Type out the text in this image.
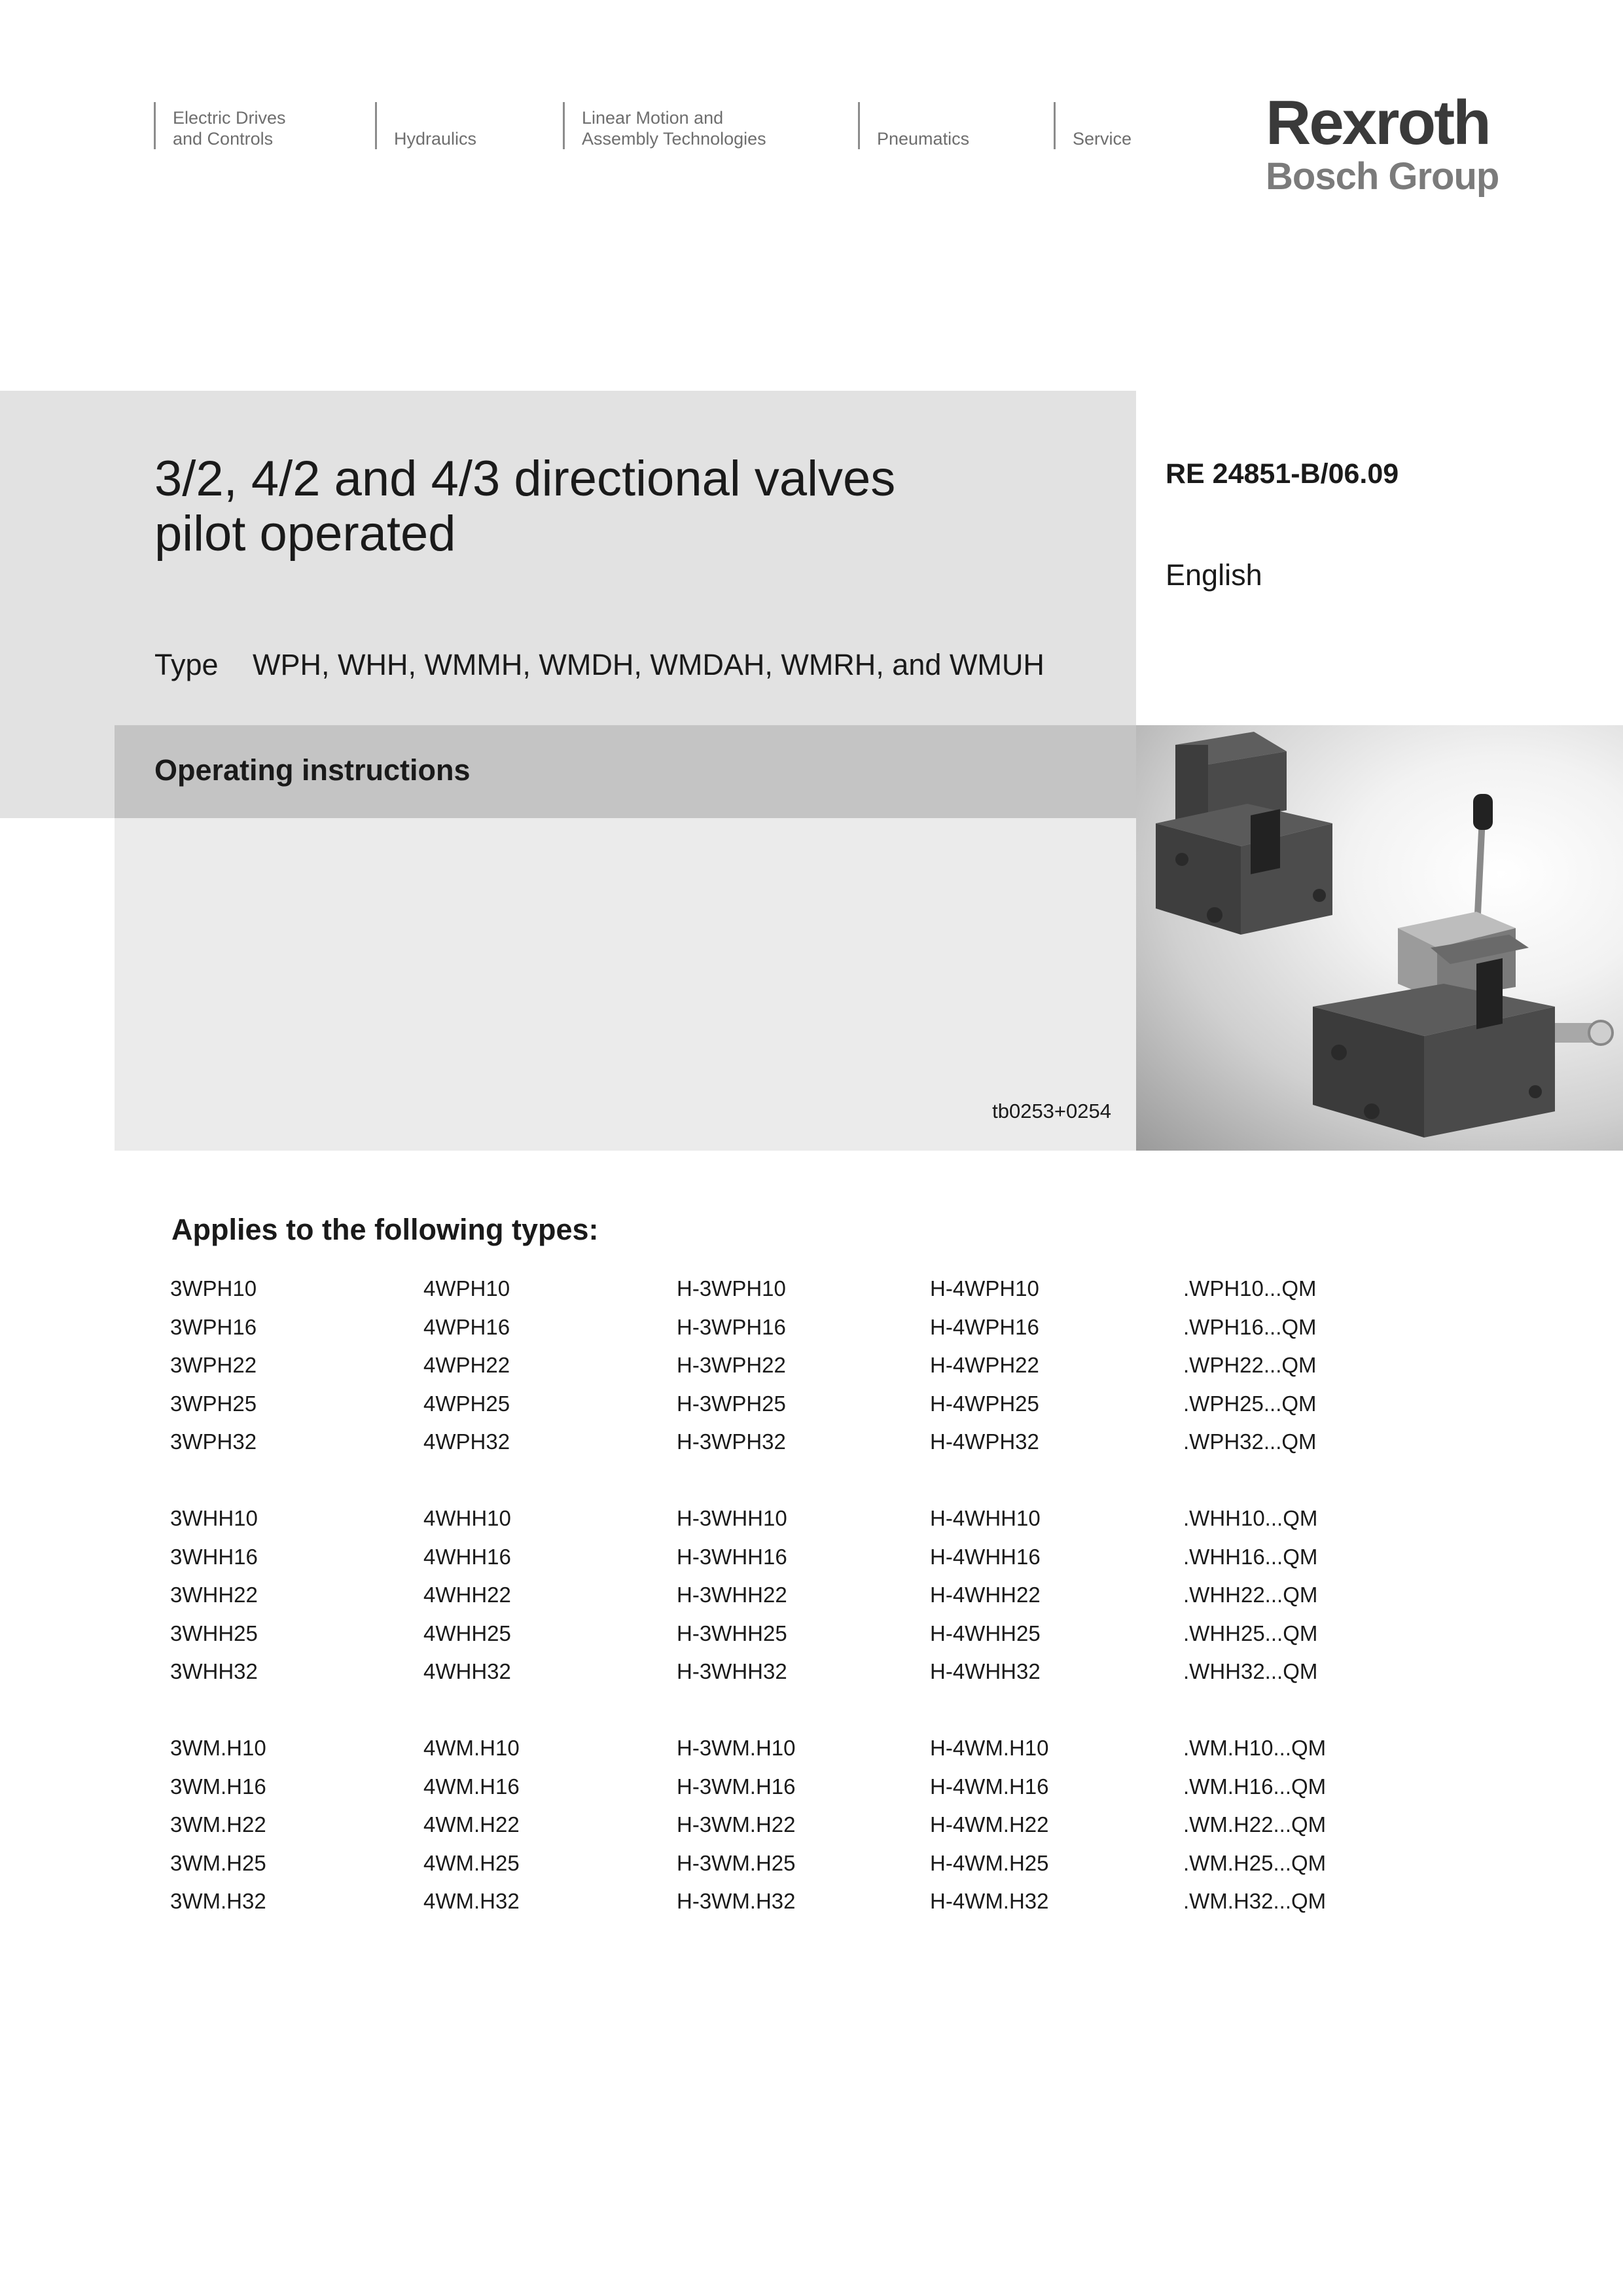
Electric Drives
and Controls	Hydraulics
Linear Motion and
Assembly Technologies	Pneumatics	Service Rexroth
Bosch Group
3/2, 4/2 and 4/3 directional valves
pilot operated
Type WPH, WHH, WMMH, WMDH, WMDAH, WMRH, and WMUH
Operating instructions
tb0253+0254
RE 24851-B/06.09
English
Applies to the following types:
3WPH10	4WPH10	H-3WPH10	H-4WPH10	.WPH10...QM
3WPH16	4WPH16	H-3WPH16	H-4WPH16	.WPH16...QM
3WPH22	4WPH22	H-3WPH22	H-4WPH22	.WPH22...QM
3WPH25	4WPH25	H-3WPH25	H-4WPH25	.WPH25...QM
3WPH32	4WPH32	H-3WPH32	H-4WPH32	.WPH32...QM

3WHH10	4WHH10	H-3WHH10	H-4WHH10	.WHH10...QM
3WHH16	4WHH16	H-3WHH16	H-4WHH16	.WHH16...QM
3WHH22	4WHH22	H-3WHH22	H-4WHH22	.WHH22...QM
3WHH25	4WHH25	H-3WHH25	H-4WHH25	.WHH25...QM
3WHH32	4WHH32	H-3WHH32	H-4WHH32	.WHH32...QM

3WM.H10	4WM.H10	H-3WM.H10	H-4WM.H10	.WM.H10...QM
3WM.H16	4WM.H16	H-3WM.H16	H-4WM.H16	.WM.H16...QM
3WM.H22	4WM.H22	H-3WM.H22	H-4WM.H22	.WM.H22...QM
3WM.H25	4WM.H25	H-3WM.H25	H-4WM.H25	.WM.H25...QM
3WM.H32	4WM.H32	H-3WM.H32	H-4WM.H32	.WM.H32...QM
